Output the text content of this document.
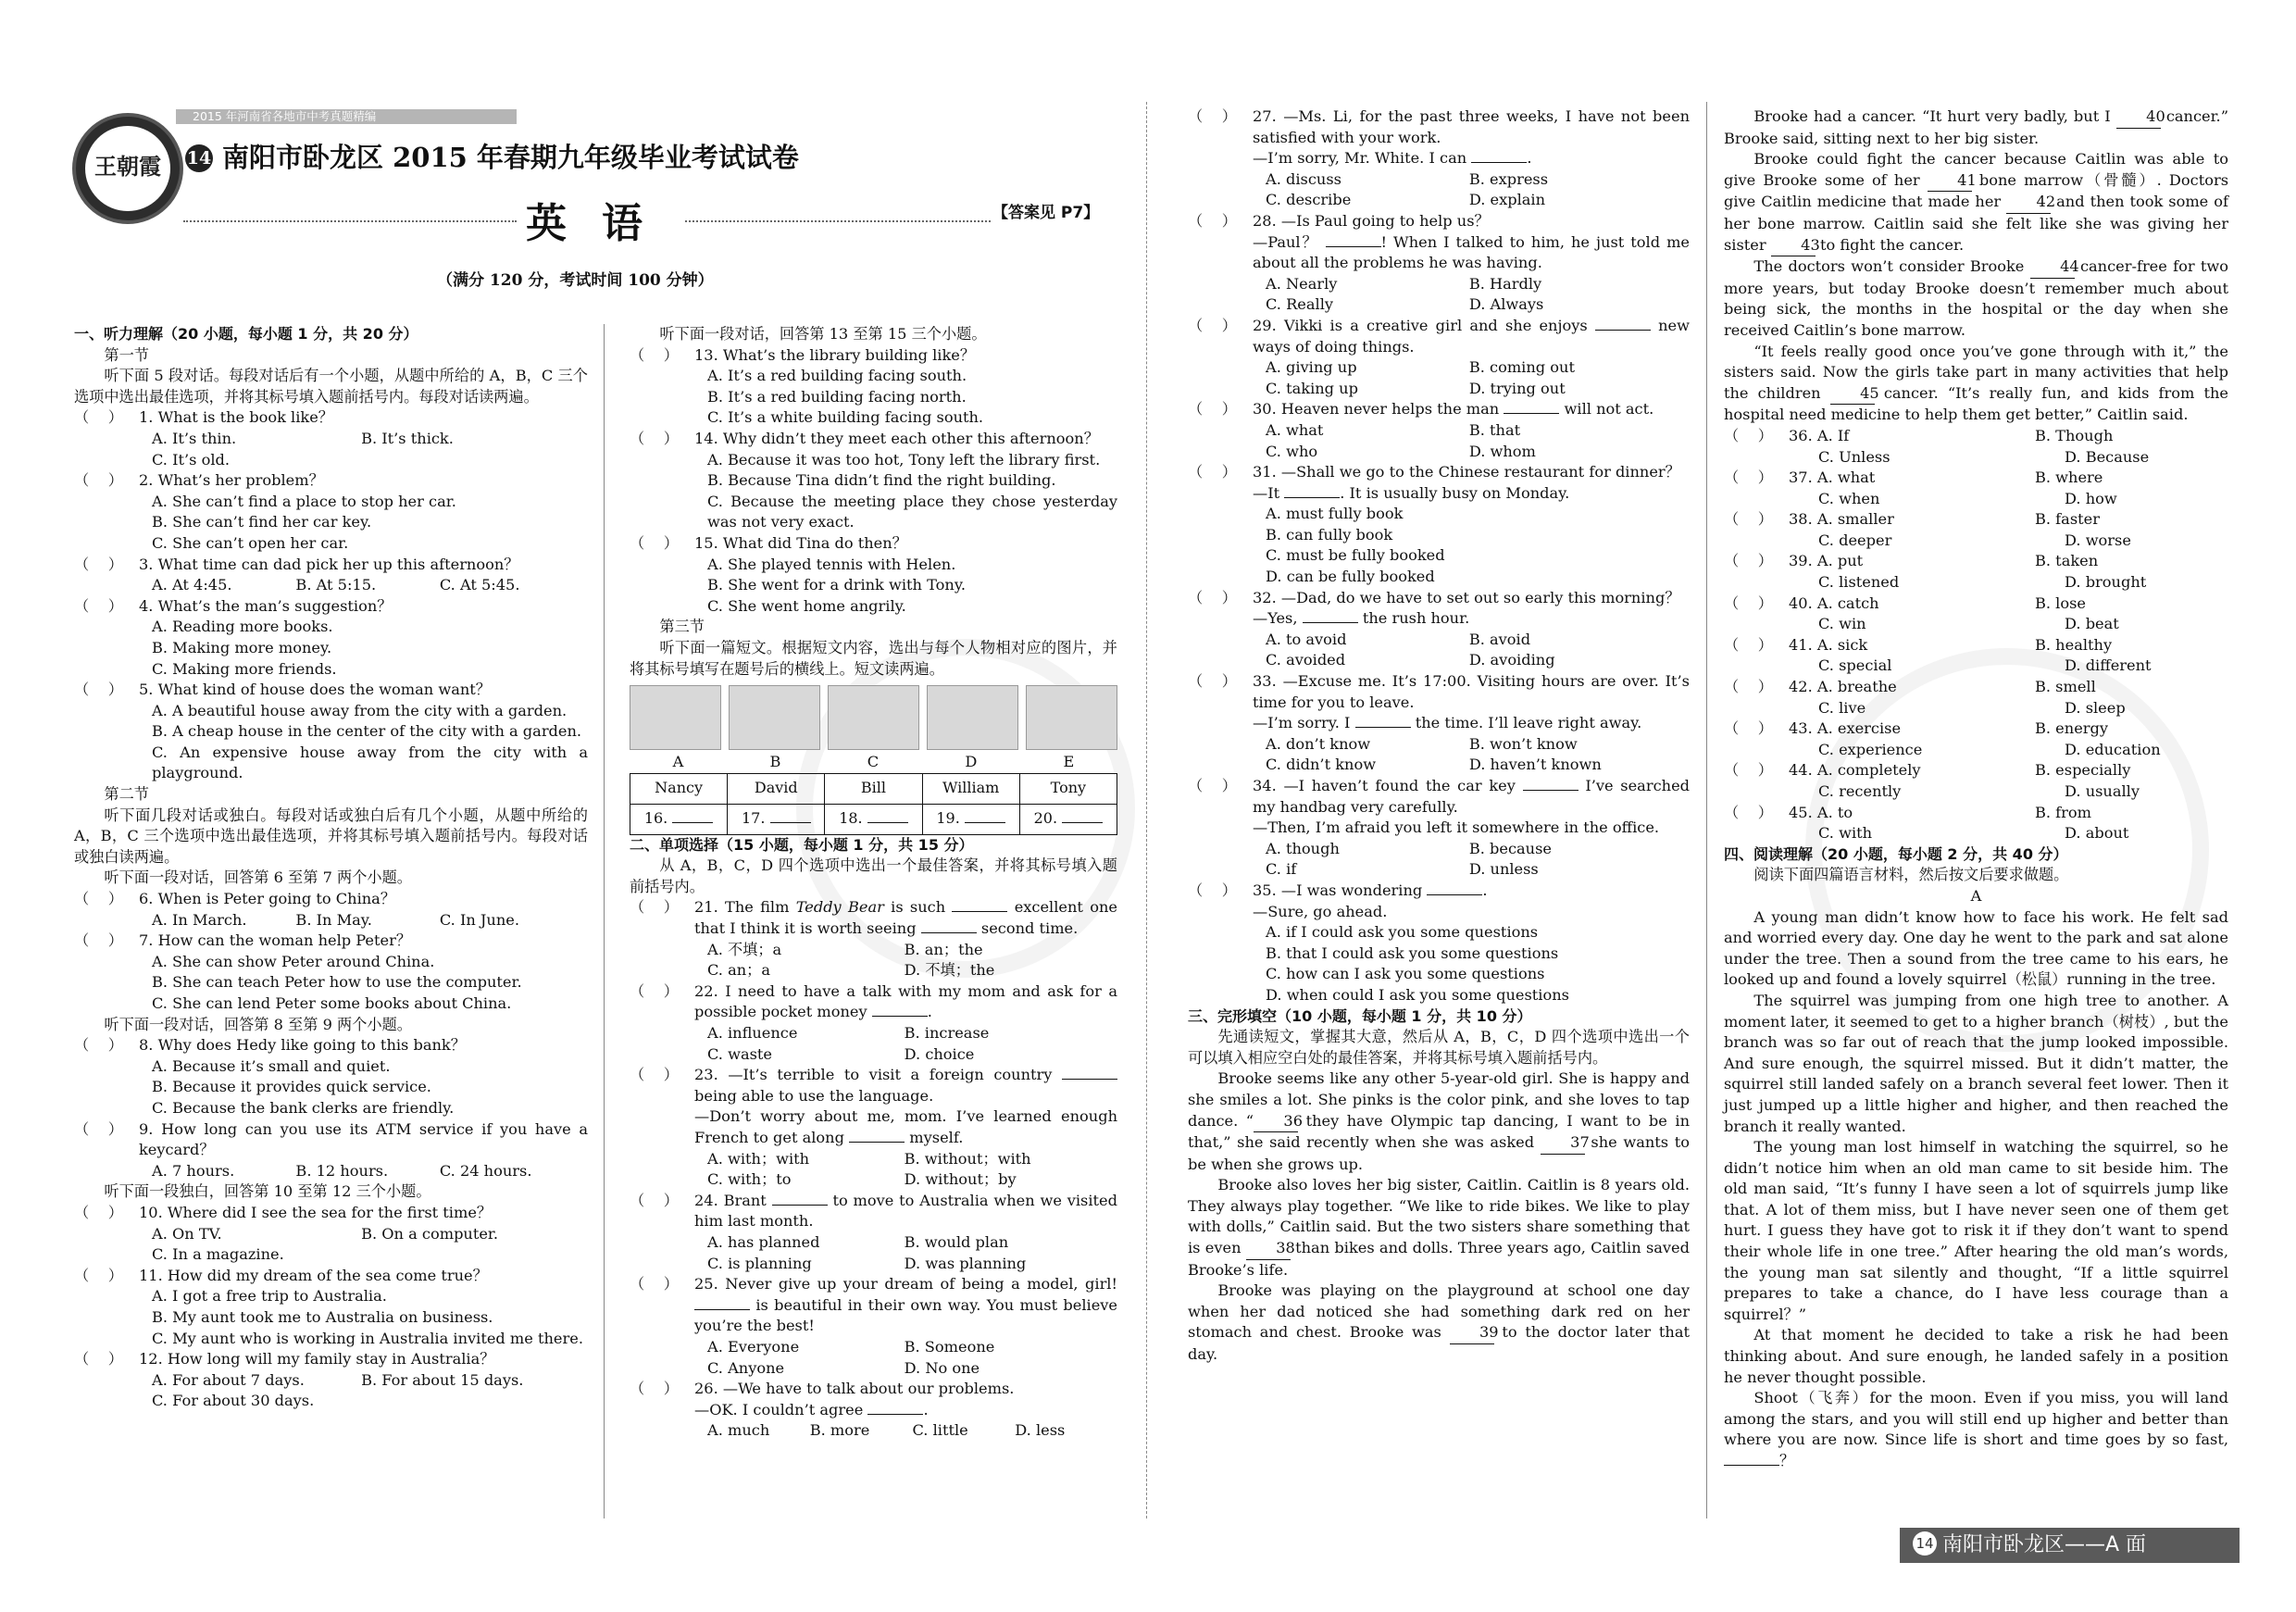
王朝霞
2015 年河南省各地市中考真题精编
14 南阳市卧龙区 2015 年春期九年级毕业考试试卷
英语	【答案见 P7】
（满分 120 分，考试时间 100 分钟）

一、听力理解（20 小题，每小题 1 分，共 20 分）

第一节

听下面 5 段对话。每段对话后有一个小题，从题中所给的 A，B，C 三个选项中选出最佳选项，并将其标号填入题前括号内。每段对话读两遍。

（    ）	1. What is the book like？
A. It’s thin.	B. It’s thick.
C. It’s old.
（    ）	2. What’s her problem？
A. She can’t find a place to stop her car.
B. She can’t find her car key.
C. She can’t open her car.
（    ）	3. What time can dad pick her up this afternoon？
A. At 4:45.	B. At 5:15.	C. At 5:45.
（    ）	4. What’s the man’s suggestion？
A. Reading more books.
B. Making more money.
C. Making more friends.
（    ）	5. What kind of house does the woman want？
A. A beautiful house away from the city with a garden.
B. A cheap house in the center of the city with a garden.
C. An expensive house away from the city with a playground.

第二节

听下面几段对话或独白。每段对话或独白后有几个小题，从题中所给的 A，B，C 三个选项中选出最佳选项，并将其标号填入题前括号内。每段对话或独白读两遍。

听下面一段对话，回答第 6 至第 7 两个小题。

（    ）	6. When is Peter going to China？
A. In March.	B. In May.	C. In June.
（    ）	7. How can the woman help Peter？
A. She can show Peter around China.
B. She can teach Peter how to use the computer.
C. She can lend Peter some books about China.

听下面一段对话，回答第 8 至第 9 两个小题。

（    ）	8. Why does Hedy like going to this bank？
A. Because it’s small and quiet.
B. Because it provides quick service.
C. Because the bank clerks are friendly.
（    ）	9. How long can you use its ATM service if you have a keycard？
A. 7 hours.	B. 12 hours.	C. 24 hours.

听下面一段独白，回答第 10 至第 12 三个小题。

（    ）	10. Where did I see the sea for the first time？
A. On TV.	B. On a computer.
C. In a magazine.
（    ）	11. How did my dream of the sea come true？
A. I got a free trip to Australia.
B. My aunt took me to Australia on business.
C. My aunt who is working in Australia invited me there.
（    ）	12. How long will my family stay in Australia？
A. For about 7 days.	B. For about 15 days.
C. For about 30 days.

听下面一段对话，回答第 13 至第 15 三个小题。

（    ）	13. What’s the library building like？
A. It’s a red building facing south.
B. It’s a red building facing north.
C. It’s a white building facing south.
（    ）	14. Why didn’t they meet each other this afternoon？
A. Because it was too hot, Tony left the library first.
B. Because Tina didn’t find the right building.
C. Because the meeting place they chose yesterday was not very exact.
（    ）	15. What did Tina do then？
A. She played tennis with Helen.
B. She went for a drink with Tony.
C. She went home angrily.

第三节

听下面一篇短文。根据短文内容，选出与每个人物相对应的图片，并将其标号填写在题号后的横线上。短文读两遍。

A	B	C	D	E
Nancy	David	Bill	William	Tony
16.	17.	18.	19.	20.

二、单项选择（15 小题，每小题 1 分，共 15 分）

从 A，B，C，D 四个选项中选出一个最佳答案，并将其标号填入题前括号内。

（    ）	21. The film Teddy Bear is such	excellent one that I think it is worth seeing	second time.
A. 不填；a	B. an；the
C. an；a	D. 不填；the
（    ）	22. I need to have a talk with my mom and ask for a possible pocket money	.
A. influence	B. increase
C. waste	D. choice
（    ）	23. —It’s terrible to visit a foreign country  being able to use the language.
—Don’t worry about me, mom. I’ve learned enough French to get along	myself.
A. with；with	B. without；with
C. with；to	D. without；by
（    ）	24. Brant	to move to Australia when we visited him last month.
A. has planned	B. would plan
C. is planning	D. was planning
（    ）	25. Never give up your dream of being a model, girl!  is beautiful in their own way. You must believe you’re the best!
A. Everyone	B. Someone
C. Anyone	D. No one
（    ）	26. —We have to talk about our problems.
—OK. I couldn’t agree	.
A. much	B. more	C. little	D. less
（    ）	27. —Ms. Li, for the past three weeks, I have not been satisfied with your work.
—I’m sorry, Mr. White. I can	.
A. discuss	B. express
C. describe	D. explain
（    ）	28. —Is Paul going to help us？
—Paul？	! When I talked to him, he just told me about all the problems he was having.
A. Nearly	B. Hardly
C. Really	D. Always
（    ）	29. Vikki is a creative girl and she enjoys	new ways of doing things.
A. giving up	B. coming out
C. taking up	D. trying out
（    ）	30. Heaven never helps the man	will not act.
A. what	B. that
C. who	D. whom
（    ）	31. —Shall we go to the Chinese restaurant for dinner？
—It	. It is usually busy on Monday.
A. must fully book
B. can fully book
C. must be fully booked
D. can be fully booked
（    ）	32. —Dad, do we have to set out so early this morning？
—Yes,	the rush hour.
A. to avoid	B. avoid
C. avoided	D. avoiding
（    ）	33. —Excuse me. It’s 17:00. Visiting hours are over. It’s time for you to leave.
—I’m sorry. I	the time. I’ll leave right away.
A. don’t know	B. won’t know
C. didn’t know	D. haven’t known
（    ）	34. —I haven’t found the car key	I’ve searched my handbag very carefully.
—Then, I’m afraid you left it somewhere in the office.
A. though	B. because
C. if	D. unless
（    ）	35. —I was wondering	.
—Sure, go ahead.
A. if I could ask you some questions
B. that I could ask you some questions
C. how can I ask you some questions
D. when could I ask you some questions

三、完形填空（10 小题，每小题 1 分，共 10 分）

先通读短文，掌握其大意，然后从 A，B，C，D 四个选项中选出一个可以填入相应空白处的最佳答案，并将其标号填入题前括号内。

Brooke seems like any other 5-year-old girl. She is happy and she smiles a lot. She pinks is the color pink, and she loves to tap dance. “ 36 they have Olympic tap dancing, I want to be in that,” she said recently when she was asked 37 she wants to be when she grows up.

Brooke also loves her big sister, Caitlin. Caitlin is 8 years old. They always play together. “We like to ride bikes. We like to play with dolls,” Caitlin said. But the two sisters share something that is even 38 than bikes and dolls. Three years ago, Caitlin saved Brooke’s life.

Brooke was playing on the playground at school one day when her dad noticed she had something dark red on her stomach and chest. Brooke was	39 to the doctor later that day.

Brooke had a cancer. “It hurt very badly, but I 40 cancer.” Brooke said, sitting next to her big sister.

Brooke could fight the cancer because Caitlin was able to give Brooke some of her	41 bone marrow（骨髓）. Doctors give Caitlin medicine that made her 42 and then took some of her bone marrow. Caitlin said she felt like she was giving her sister 43 to fight the cancer.

The doctors won’t consider Brooke 44 cancer-free for two more years, but today Brooke doesn’t remember much about being sick, the months in the hospital or the day when she received Caitlin’s bone marrow.

“It feels really good once you’ve gone through with it,” the sisters said. Now the girls take part in many activities that help the children	45 cancer. “It’s really fun, and kids from the hospital need medicine to help them get better,” Caitlin said.

（    ）	36. A. If	B. Though
C. Unless	D. Because
（    ）	37. A. what	B. where
C. when	D. how
（    ）	38. A. smaller	B. faster
C. deeper	D. worse
（    ）	39. A. put	B. taken
C. listened	D. brought
（    ）	40. A. catch	B. lose
C. win	D. beat
（    ）	41. A. sick	B. healthy
C. special	D. different
（    ）	42. A. breathe	B. smell
C. live	D. sleep
（    ）	43. A. exercise	B. energy
C. experience	D. education
（    ）	44. A. completely	B. especially
C. recently	D. usually
（    ）	45. A. to	B. from
C. with	D. about

四、阅读理解（20 小题，每小题 2 分，共 40 分）

阅读下面四篇语言材料，然后按文后要求做题。

A

A young man didn’t know how to face his work. He felt sad and worried every day. One day he went to the park and sat alone under the tree. Then a sound from the tree came to his ears, he looked up and found a lovely squirrel（松鼠）running in the tree.

The squirrel was jumping from one high tree to another. A moment later, it seemed to get to a higher branch（树枝）, but the branch was so far out of reach that the jump looked impossible. And sure enough, the squirrel missed. But it didn’t matter, the squirrel still landed safely on a branch several feet lower. Then it just jumped up a little higher and higher, and then reached the branch it really wanted.

The young man lost himself in watching the squirrel, so he didn’t notice him when an old man came to sit beside him. The old man said, “It’s funny I have seen a lot of squirrels jump like that. A lot of them miss, but I have never seen one of them get hurt. I guess they have got to risk it if they don’t want to spend their whole life in one tree.” After hearing the old man’s words, the young man sat silently and thought, “If a little squirrel prepares to take a chance, do I have less courage than a squirrel？”

At that moment he decided to take a risk he had been thinking about. And sure enough, he landed safely in a position he never thought possible.

Shoot（飞奔）for the moon. Even if you miss, you will land among the stars, and you will still end up higher and better than where you are now. Since life is short and time goes by so fast, ？

14 南阳市卧龙区——A 面
